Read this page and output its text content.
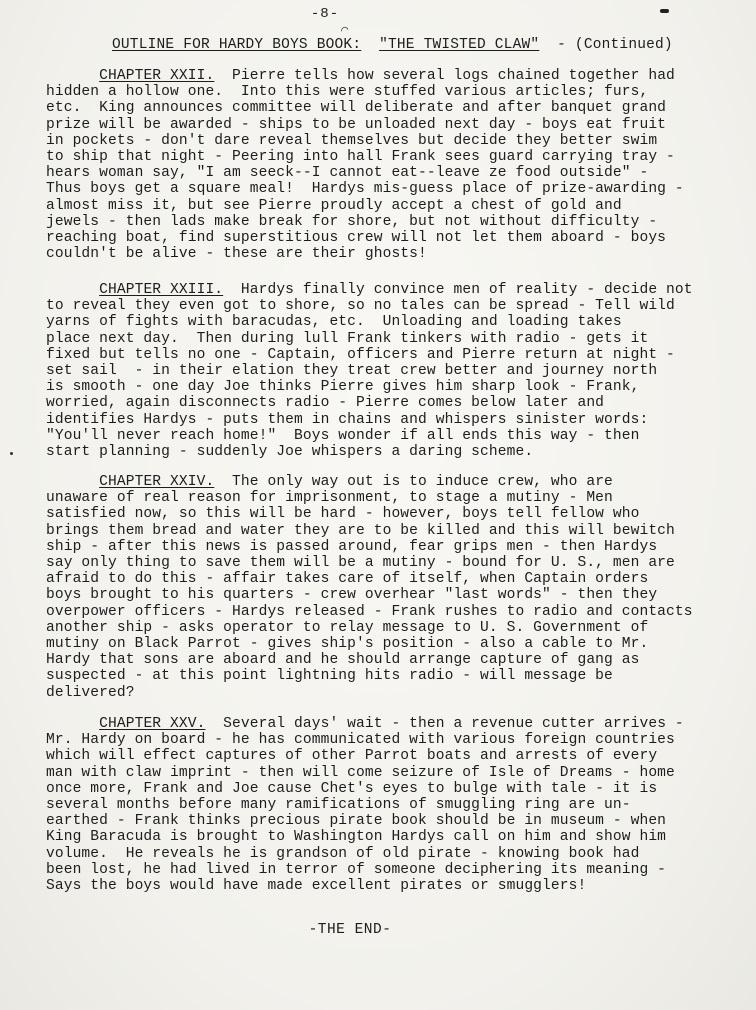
-8-
⌒
OUTLINE FOR HARDY BOYS BOOK: "THE TWISTED CLAW" - (Continued)
CHAPTER XXII. Pierre tells how several logs chained together had
hidden a hollow one.  Into this were stuffed various articles; furs,
etc.  King announces committee will deliberate and after banquet grand
prize will be awarded - ships to be unloaded next day - boys eat fruit
in pockets - don't dare reveal themselves but decide they better swim
to ship that night - Peering into hall Frank sees guard carrying tray -
hears woman say, "I am seeck--I cannot eat--leave ze food outside" -
Thus boys get a square meal!  Hardys mis-guess place of prize-awarding -
almost miss it, but see Pierre proudly accept a chest of gold and
jewels - then lads make break for shore, but not without difficulty -
reaching boat, find superstitious crew will not let them aboard - boys
couldn't be alive - these are their ghosts!
CHAPTER XXIII. Hardys finally convince men of reality - decide not
to reveal they even got to shore, so no tales can be spread - Tell wild
yarns of fights with baracudas, etc.  Unloading and loading takes
place next day.  Then during lull Frank tinkers with radio - gets it
fixed but tells no one - Captain, officers and Pierre return at night -
set sail  - in their elation they treat crew better and journey north
is smooth - one day Joe thinks Pierre gives him sharp look - Frank,
worried, again disconnects radio - Pierre comes below later and
identifies Hardys - puts them in chains and whispers sinister words:
"You'll never reach home!"  Boys wonder if all ends this way - then
start planning - suddenly Joe whispers a daring scheme.
CHAPTER XXIV. The only way out is to induce crew, who are
unaware of real reason for imprisonment, to stage a mutiny - Men
satisfied now, so this will be hard - however, boys tell fellow who
brings them bread and water they are to be killed and this will bewitch
ship - after this news is passed around, fear grips men - then Hardys
say only thing to save them will be a mutiny - bound for U. S., men are
afraid to do this - affair takes care of itself, when Captain orders
boys brought to his quarters - crew overhear "last words" - then they
overpower officers - Hardys released - Frank rushes to radio and contacts
another ship - asks operator to relay message to U. S. Government of
mutiny on Black Parrot - gives ship's position - also a cable to Mr.
Hardy that sons are aboard and he should arrange capture of gang as
suspected - at this point lightning hits radio - will message be
delivered?
CHAPTER XXV. Several days' wait - then a revenue cutter arrives -
Mr. Hardy on board - he has communicated with various foreign countries
which will effect captures of other Parrot boats and arrests of every
man with claw imprint - then will come seizure of Isle of Dreams - home
once more, Frank and Joe cause Chet's eyes to bulge with tale - it is
several months before many ramifications of smuggling ring are un-
earthed - Frank thinks precious pirate book should be in museum - when
King Baracuda is brought to Washington Hardys call on him and show him
volume.  He reveals he is grandson of old pirate - knowing book had
been lost, he had lived in terror of someone deciphering its meaning -
Says the boys would have made excellent pirates or smugglers!
-THE END-
